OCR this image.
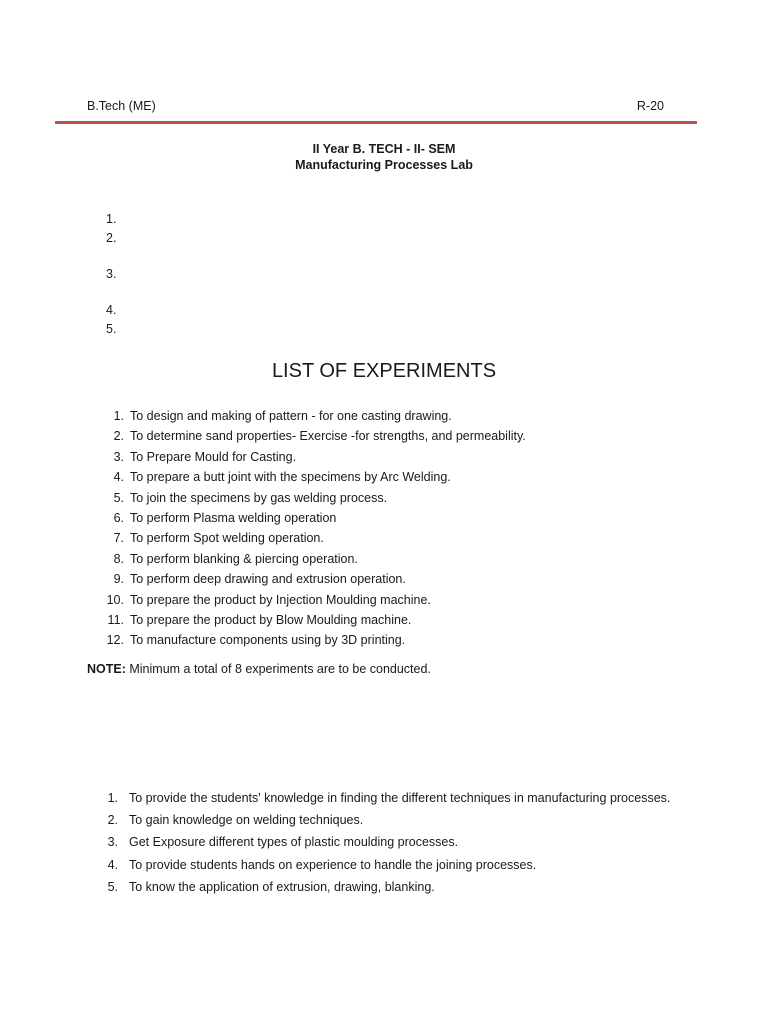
B.Tech (ME)	R-20
II Year B. TECH - II- SEM
Manufacturing Processes Lab
1.
2.
3.
4.
5.
LIST OF EXPERIMENTS
1. To design and making of pattern - for one casting drawing.
2. To determine sand properties- Exercise -for strengths, and permeability.
3. To Prepare Mould for Casting.
4. To prepare a butt joint with the specimens by Arc Welding.
5. To join the specimens by gas welding process.
6. To perform Plasma welding operation
7. To perform Spot welding operation.
8. To perform blanking & piercing operation.
9. To perform deep drawing and extrusion operation.
10. To prepare the product by Injection Moulding machine.
11. To prepare the product by Blow Moulding machine.
12. To manufacture components using by 3D printing.
NOTE: Minimum a total of 8 experiments are to be conducted.
1. To provide the students' knowledge in finding the different techniques in manufacturing processes.
2. To gain knowledge on welding techniques.
3. Get Exposure different types of plastic moulding processes.
4. To provide students hands on experience to handle the joining processes.
5. To know the application of extrusion, drawing, blanking.
